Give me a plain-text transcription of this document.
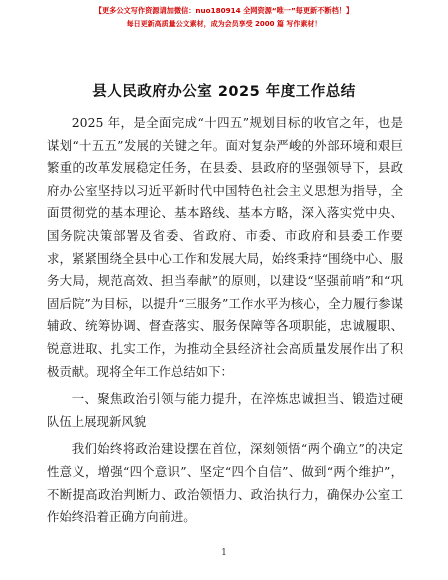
【更多公文写作资源请加微信：nuo180914 全网资源“唯一”每更新不断档！】
每日更新高质量公文素材，成为会员享受 2000 篇 写作素材！
县人民政府办公室 2025 年度工作总结

2025 年，是全面完成“十四五”规划目标的收官之年，也是谋划“十五五”发展的关键之年。面对复杂严峻的外部环境和艰巨繁重的改革发展稳定任务，在县委、县政府的坚强领导下，县政府办公室坚持以习近平新时代中国特色社会主义思想为指导，全面贯彻党的基本理论、基本路线、基本方略，深入落实党中央、国务院决策部署及省委、省政府、市委、市政府和县委工作要求，紧紧围绕全县中心工作和发展大局，始终秉持“围绕中心、服务大局，规范高效、担当奉献”的原则，以建设“坚强前哨”和“巩固后院”为目标，以提升“三服务”工作水平为核心，全力履行参谋辅政、统筹协调、督查落实、服务保障等各项职能，忠诚履职、锐意进取、扎实工作，为推动全县经济社会高质量发展作出了积极贡献。现将全年工作总结如下：

一、聚焦政治引领与能力提升，在淬炼忠诚担当、锻造过硬队伍上展现新风貌

我们始终将政治建设摆在首位，深刻领悟“两个确立”的决定性意义，增强“四个意识”、坚定“四个自信”、做到“两个维护”，不断提高政治判断力、政治领悟力、政治执行力，确保办公室工作始终沿着正确方向前进。

1
